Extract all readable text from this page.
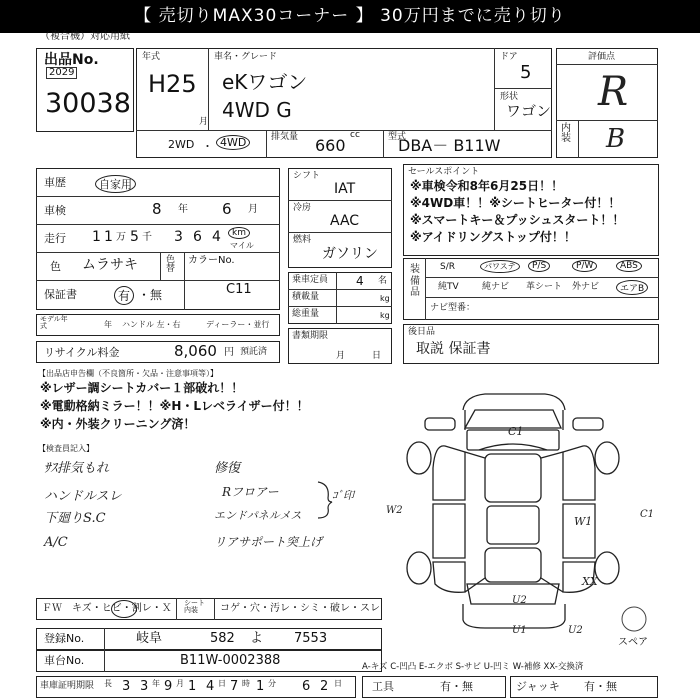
【 売切りMAX30コーナー 】 30万円までに売り切り
（複合機）対応用紙
出品No.
2029
30038
年式
H25
月
車名・グレード
eKワゴン
4WD G
ドア
5
形状
ワゴン
2WD ・ 4WD	排気量 660
cc	型式
DBA－ B11W
評価点
R
内装 B
車歴	自家用
車検	8 年 6 月
走行 1 1 万 5 千 3 6 4	km
マイル
色 ムラサキ	色替
カラーNo.
C11
保証書	有 ・無
モデル年式	年 ハンドル 左・右	ディーラー・並行
リサイクル料金	8,060 円 預託済
シフト
IAT
冷房
AAC
燃料
ガソリン
乗車定員 4 名
積載量	kg
総重量	kg
書類期限
月	日
セールスポイント
※車検令和8年6月25日！！
※4WD車！！※シートヒーター付！！
※スマートキー＆プッシュスタート！！
※アイドリングストップ付！！
装備品
S/R	パワステ	P/S	P/W	ABS
純TV	純ナビ 革シート 外ナビ	エアB
ナビ型番：
後日品
取説 保証書
【出品店申告欄（不良箇所・欠品・注意事項等）】
※レザー調シートカバー１部破れ！！
※電動格納ミラー！！※H・Lレベライザー付！！
※内・外装クリーニング済！
【検査員記入】
ｻｽ排気もれ
ハンドルスレ
下廻りS.C
A/C
修復
Rフロアー
エンドパネルメス
リアサポート突上げ
ｺﾞ印
C1
W2
W1
C1
XX
U2
U1	U2
スペア
ＦＷ キズ・ヒビ・割レ・Ｘ シート内装	コゲ・穴・汚レ・シミ・破レ・スレ
登録No.	岐阜	582 よ 7553
車台No.	B11W-0002388	A-キズ C-凹凸 E-エクボ S-サビ U-凹ミ W-補修 XX-交換済
車庫証明期限 長 3 3 年 9 月 1 4 日 7 時 1 分 6 2 日	工具	有・無	ジャッキ 有・無
